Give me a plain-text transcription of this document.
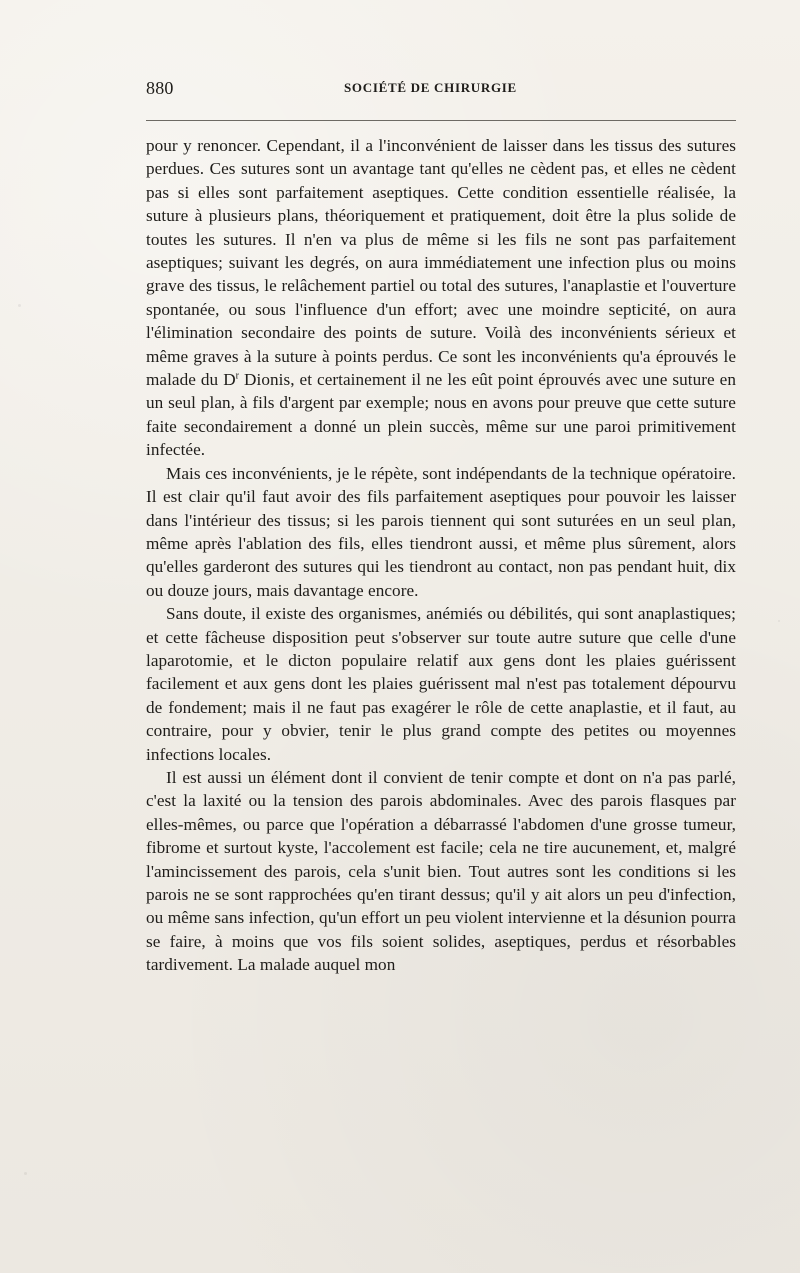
880	SOCIÉTÉ DE CHIRURGIE

pour y renoncer. Cependant, il a l'inconvénient de laisser dans les tissus des sutures perdues. Ces sutures sont un avantage tant qu'elles ne cèdent pas, et elles ne cèdent pas si elles sont parfaitement aseptiques. Cette condition essentielle réalisée, la suture à plusieurs plans, théoriquement et pratiquement, doit être la plus solide de toutes les sutures. Il n'en va plus de même si les fils ne sont pas parfaitement aseptiques; suivant les degrés, on aura immédiatement une infection plus ou moins grave des tissus, le relâchement partiel ou total des sutures, l'anaplastie et l'ouverture spontanée, ou sous l'influence d'un effort; avec une moindre septicité, on aura l'élimination secondaire des points de suture. Voilà des inconvénients sérieux et même graves à la suture à points perdus. Ce sont les inconvénients qu'a éprouvés le malade du $D^r$ Dionis, et certainement il ne les eût point éprouvés avec une suture en un seul plan, à fils d'argent par exemple; nous en avons pour preuve que cette suture faite secondairement a donné un plein succès, même sur une paroi primitivement infectée.

Mais ces inconvénients, je le répète, sont indépendants de la technique opératoire. Il est clair qu'il faut avoir des fils parfaitement aseptiques pour pouvoir les laisser dans l'intérieur des tissus; si les parois tiennent qui sont suturées en un seul plan, même après l'ablation des fils, elles tiendront aussi, et même plus sûrement, alors qu'elles garderont des sutures qui les tiendront au contact, non pas pendant huit, dix ou douze jours, mais davantage encore.

Sans doute, il existe des organismes, anémiés ou débilités, qui sont anaplastiques; et cette fâcheuse disposition peut s'observer sur toute autre suture que celle d'une laparotomie, et le dicton populaire relatif aux gens dont les plaies guérissent facilement et aux gens dont les plaies guérissent mal n'est pas totalement dépourvu de fondement; mais il ne faut pas exagérer le rôle de cette anaplastie, et il faut, au contraire, pour y obvier, tenir le plus grand compte des petites ou moyennes infections locales.

Il est aussi un élément dont il convient de tenir compte et dont on n'a pas parlé, c'est la laxité ou la tension des parois abdominales. Avec des parois flasques par elles-mêmes, ou parce que l'opération a débarrassé l'abdomen d'une grosse tumeur, fibrome et surtout kyste, l'accolement est facile; cela ne tire aucunement, et, malgré l'amincissement des parois, cela s'unit bien. Tout autres sont les conditions si les parois ne se sont rapprochées qu'en tirant dessus; qu'il y ait alors un peu d'infection, ou même sans infection, qu'un effort un peu violent intervienne et la désunion pourra se faire, à moins que vos fils soient solides, aseptiques, perdus et résorbables tardivement. La malade auquel mon
